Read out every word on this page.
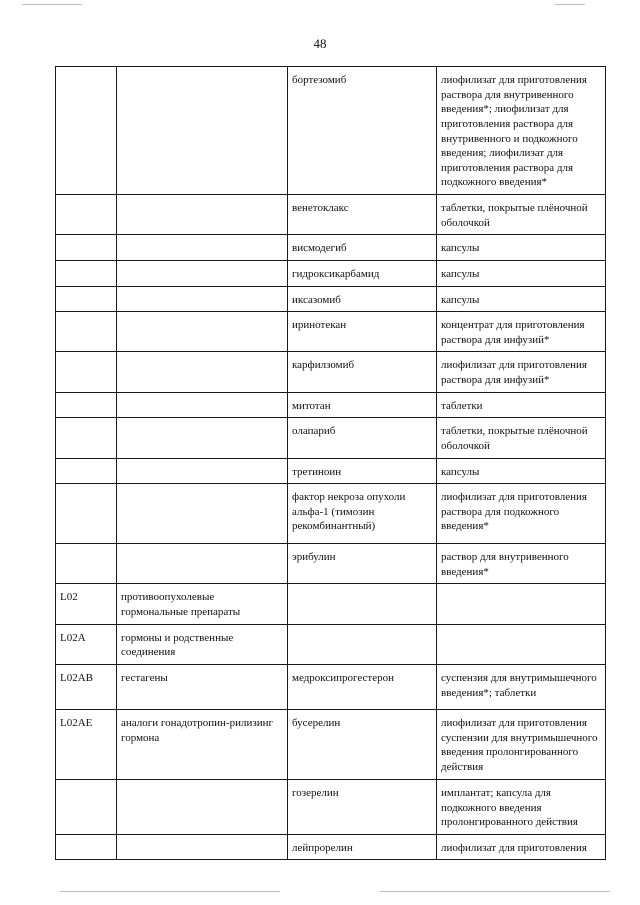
48
		бортезомиб	лиофилизат для приготовления раствора для внутривенного введения*; лиофилизат для приготовления раствора для внутривенного и подкожного введения; лиофилизат для приготовления раствора для подкожного введения*
		венетоклакс	таблетки, покрытые плёночной оболочкой
		висмодегиб	капсулы
		гидроксикарбамид	капсулы
		иксазомиб	капсулы
		иринотекан	концентрат для приготовления раствора для инфузий*
		карфилзомиб	лиофилизат для приготовления раствора для инфузий*
		митотан	таблетки
		олапариб	таблетки, покрытые плёночной оболочкой
		третиноин	капсулы
		фактор некроза опухоли альфа-1 (тимозин рекомбинантный)	лиофилизат для приготовления раствора для подкожного введения*
		эрибулин	раствор для внутривенного введения*
L02	противоопухолевые гормональные препараты		
L02A	гормоны и родственные соединения		
L02AB	гестагены	медроксипрогестерон	суспензия для внутримышечного введения*; таблетки
L02AE	аналоги гонадотропин-рилизинг гормона	бусерелин	лиофилизат для приготовления суспензии для внутримышечного введения пролонгированного действия
		гозерелин	имплантат; капсула для подкожного введения пролонгированного действия
		лейпрорелин	лиофилизат для приготовления
